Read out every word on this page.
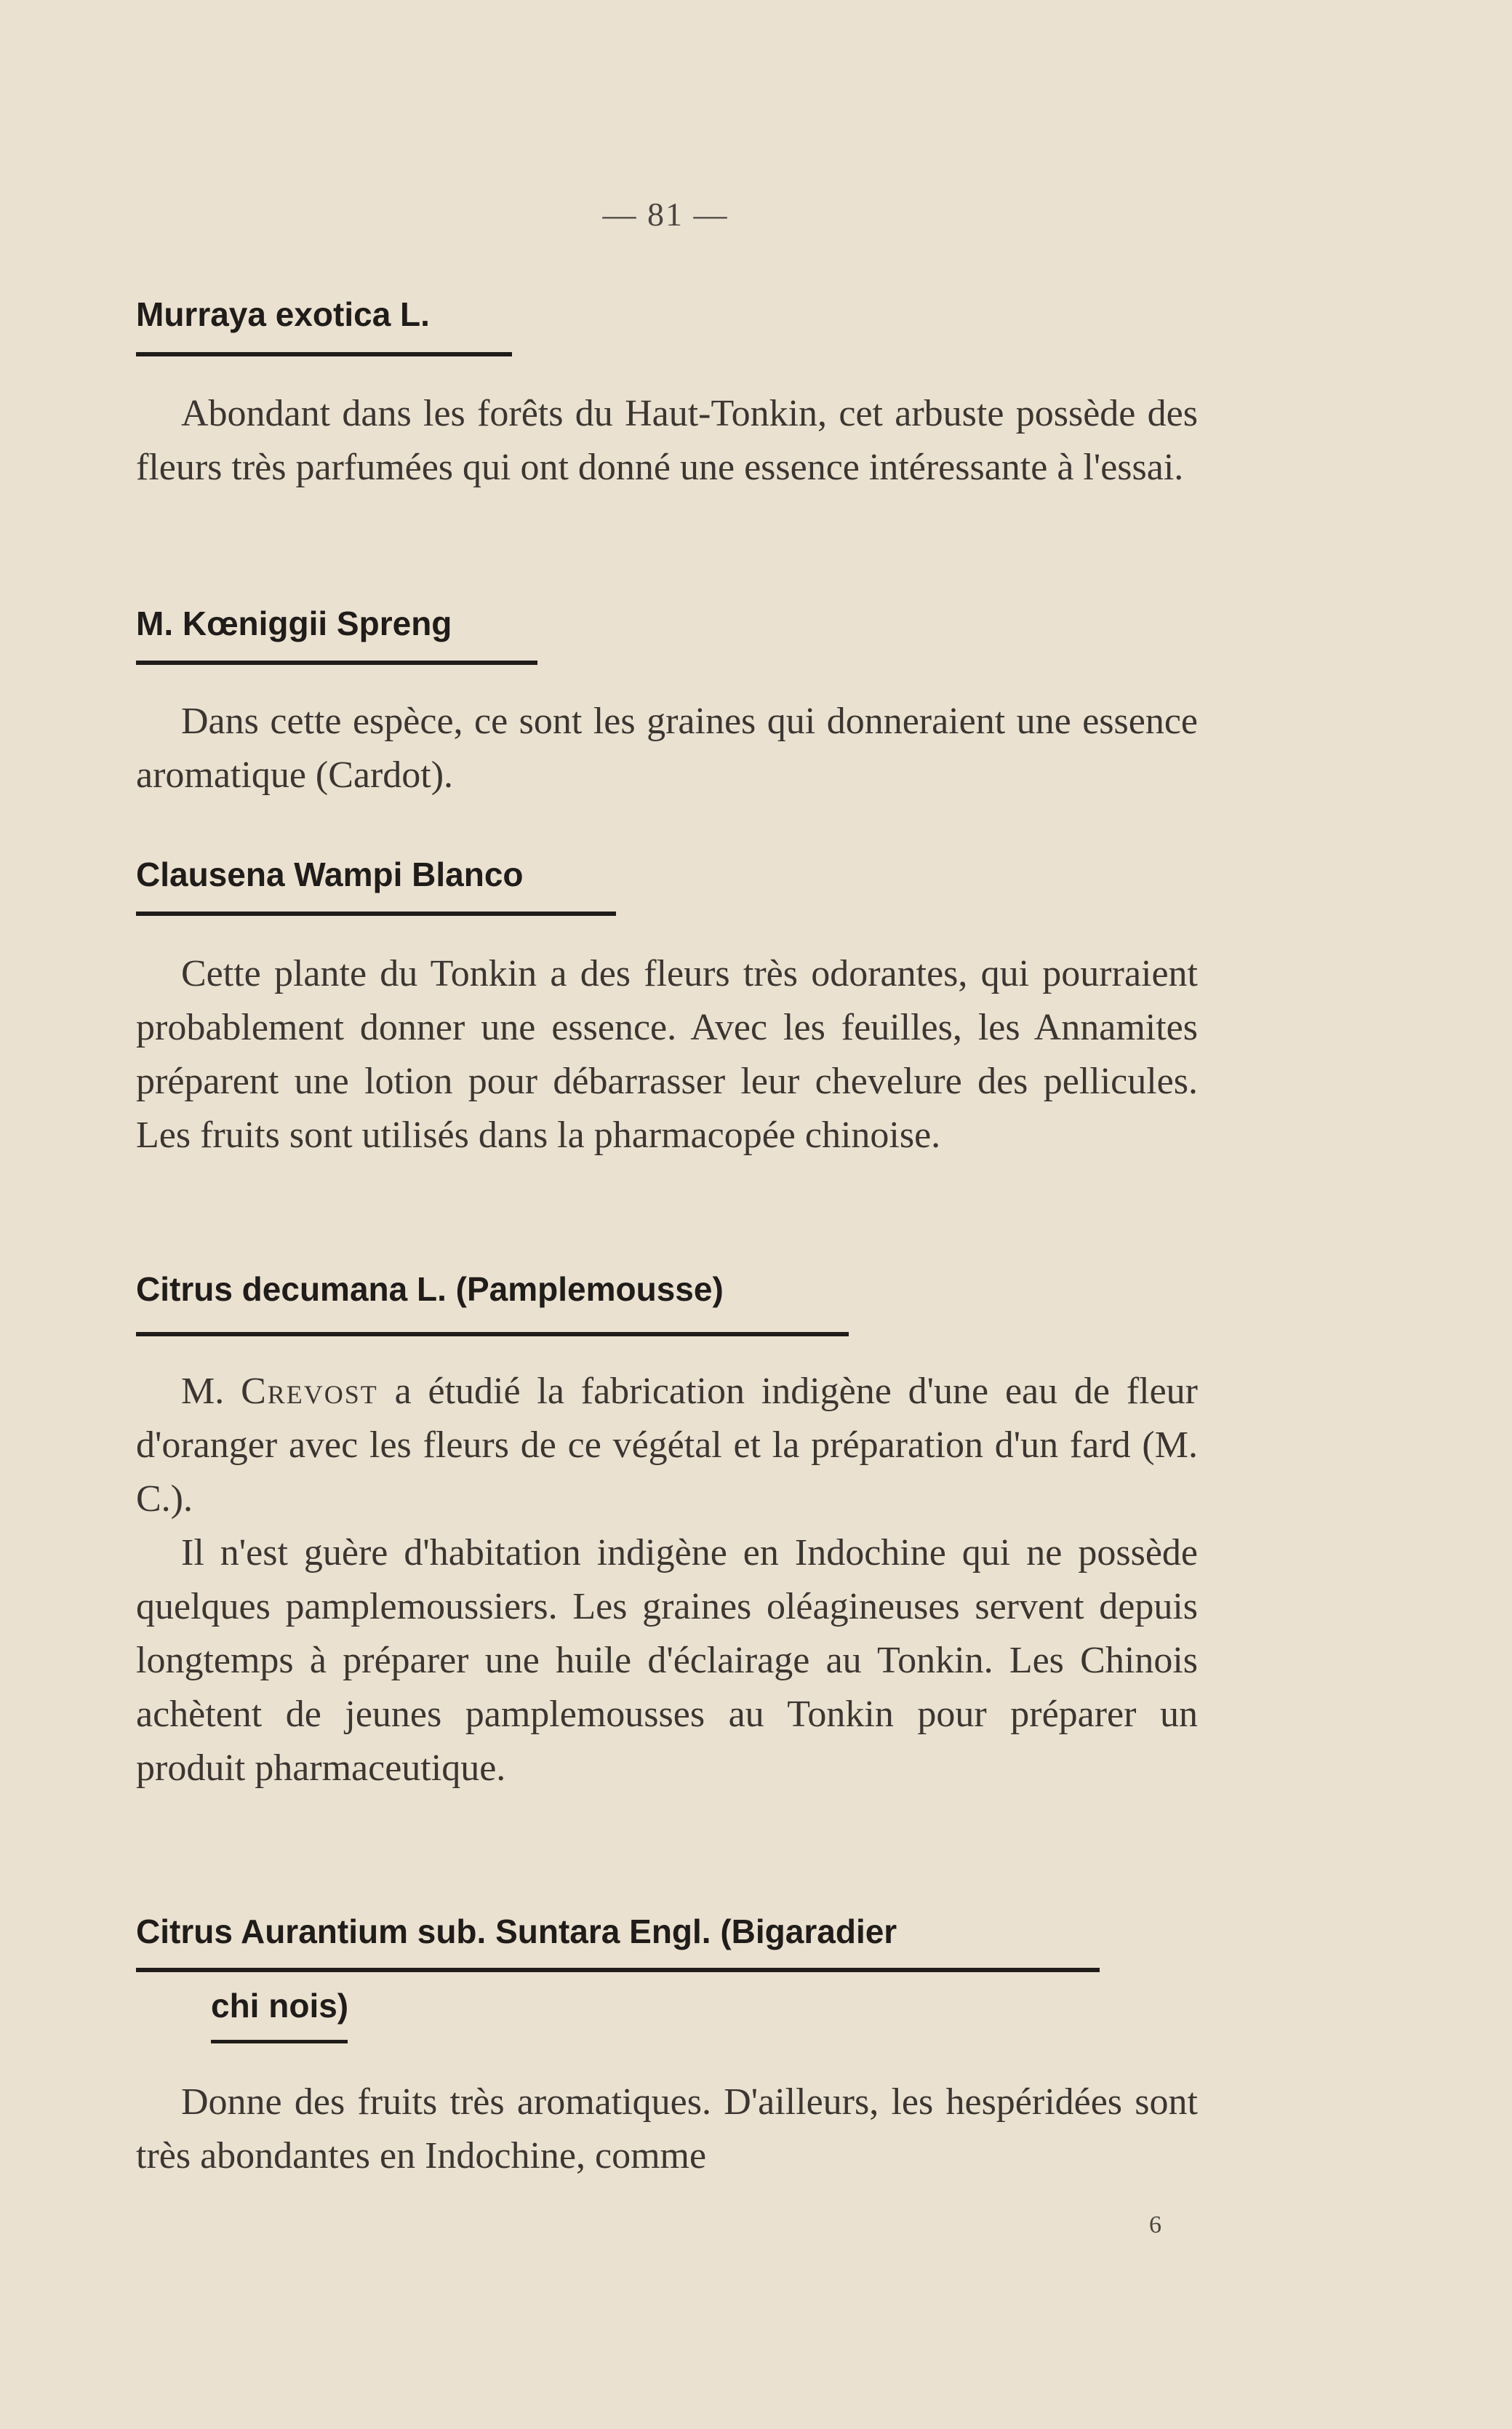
— 81 —
Murraya exotica L.

Abondant dans les forêts du Haut-Tonkin, cet arbuste possède des fleurs très parfumées qui ont donné une essence intéressante à l'essai.

M. Kœniggii Spreng

Dans cette espèce, ce sont les graines qui donneraient une essence aromatique (Cardot).

Clausena Wampi Blanco

Cette plante du Tonkin a des fleurs très odorantes, qui pourraient probablement donner une essence. Avec les feuilles, les Annamites préparent une lotion pour débarrasser leur chevelure des pellicules. Les fruits sont utilisés dans la pharmacopée chinoise.

Citrus decumana L. (Pamplemousse)

M. Crevost a étudié la fabrication indigène d'une eau de fleur d'oranger avec les fleurs de ce végétal et la préparation d'un fard (M. C.).

Il n'est guère d'habitation indigène en Indochine qui ne possède quelques pamplemoussiers. Les graines oléagineuses servent depuis longtemps à préparer une huile d'éclairage au Tonkin. Les Chinois achètent de jeunes pamplemousses au Tonkin pour préparer un produit pharmaceutique.

Citrus Aurantium sub. Suntara Engl. (Bigaradier
chi nois)

Donne des fruits très aromatiques. D'ailleurs, les hespéridées sont très abondantes en Indochine, comme

6
